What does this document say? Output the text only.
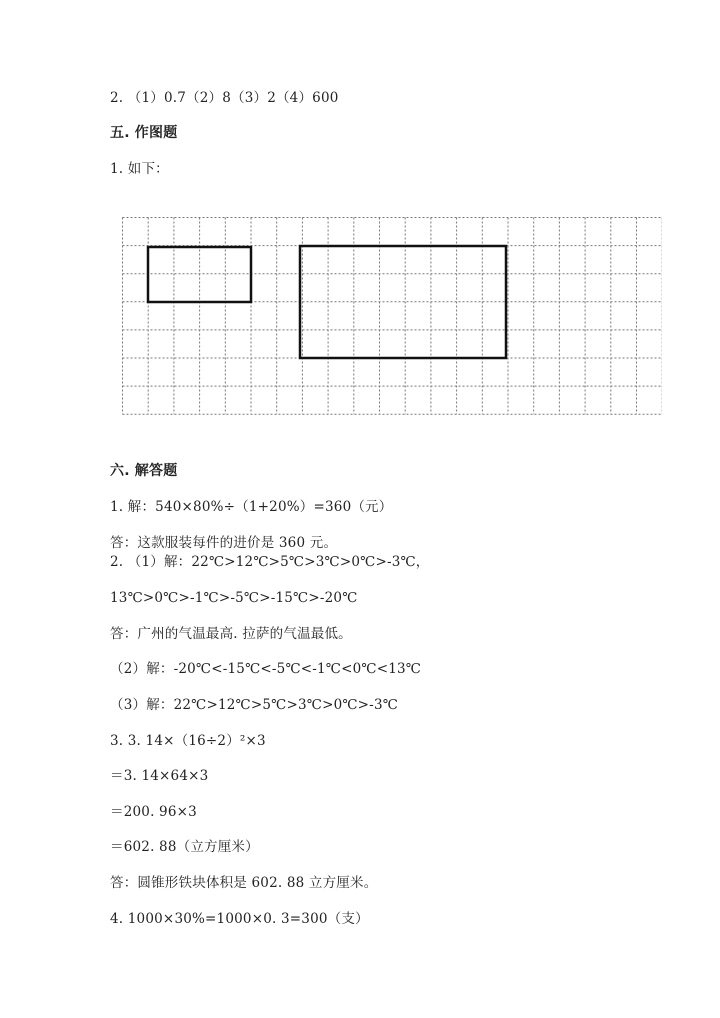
2. （1）0.7（2）8（3）2（4）600
五. 作图题
1. 如下：
六. 解答题
1. 解：540×80%÷（1+20%）=360（元）
答：这款服装每件的进价是 360 元。
2. （1）解：22℃>12℃>5℃>3℃>0℃>-3℃，
13℃>0℃>-1℃>-5℃>-15℃>-20℃
答：广州的气温最高. 拉萨的气温最低。
（2）解：-20℃<-15℃<-5℃<-1℃<0℃<13℃
（3）解：22℃>12℃>5℃>3℃>0℃>-3℃
3. 3. 14×（16÷2）²×3
＝3. 14×64×3
＝200. 96×3
＝602. 88（立方厘米）
答：圆锥形铁块体积是 602. 88 立方厘米。
4. 1000×30%=1000×0. 3=300（支）
